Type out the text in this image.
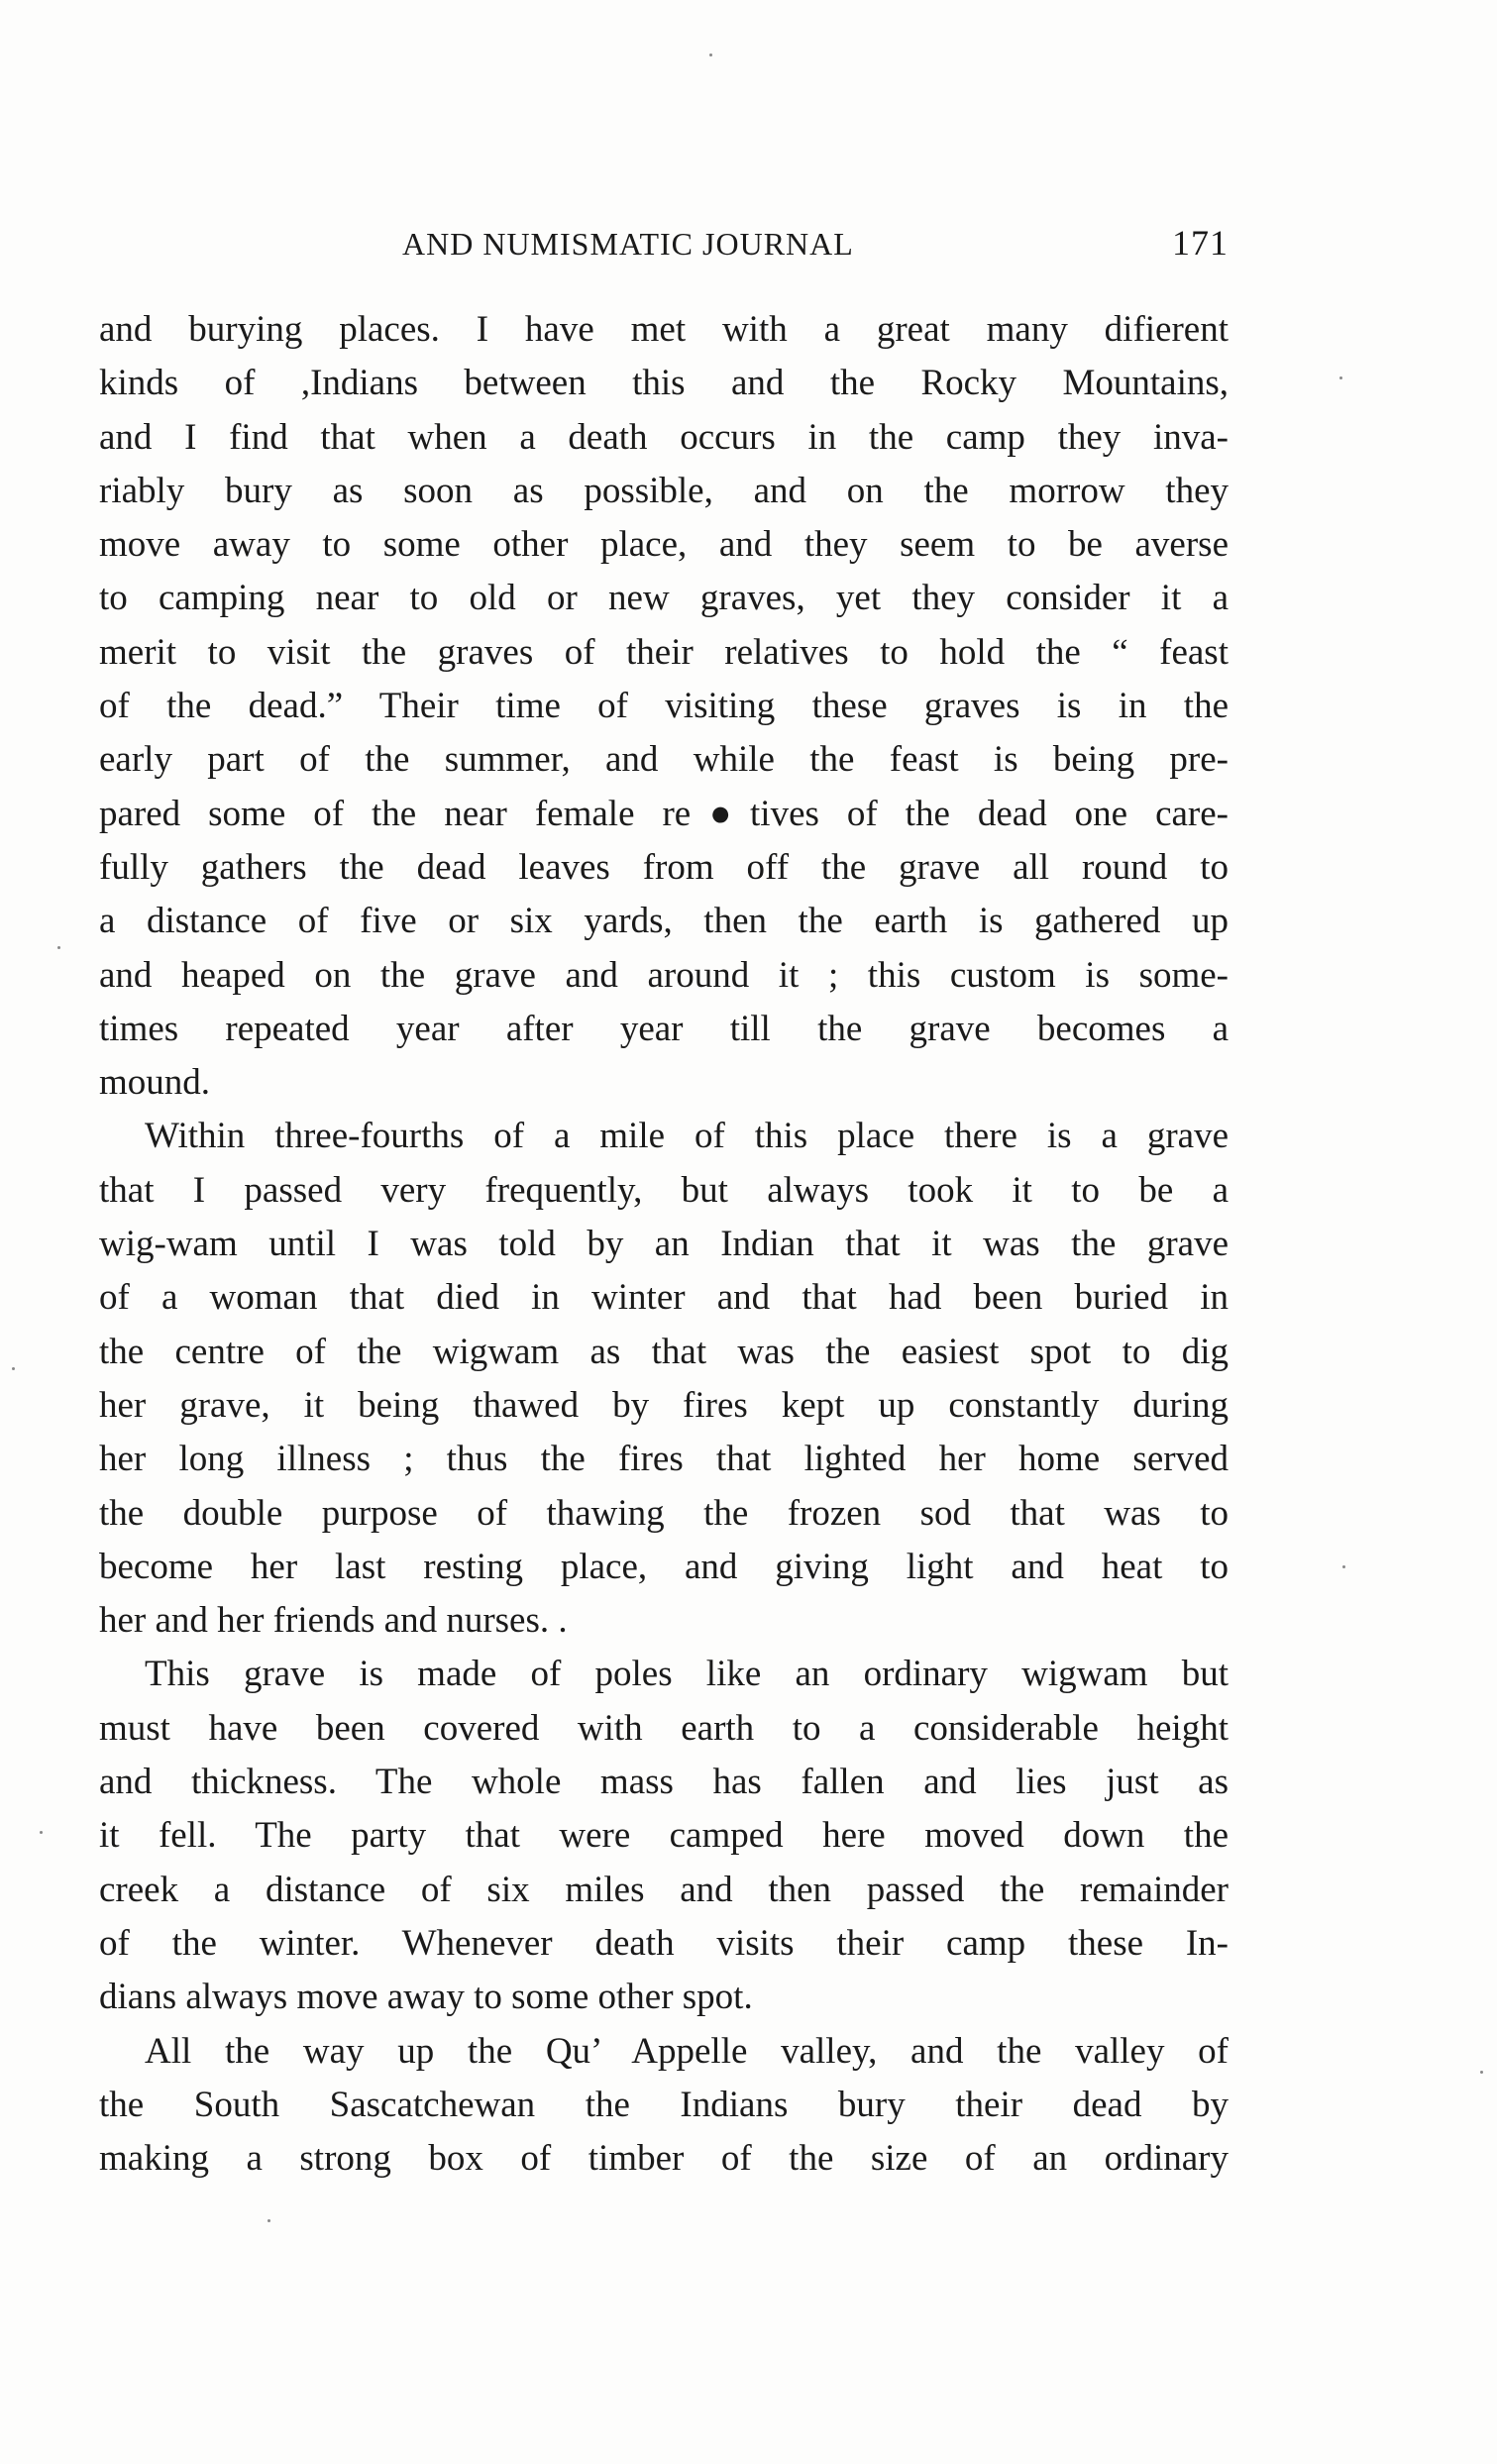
AND NUMISMATIC JOURNAL	171
and burying places. I have met with a great many difierent
kinds of ,Indians between this and the Rocky Mountains,
and I find that when a death occurs in the camp they inva-
riably bury as soon as possible, and on the morrow they
move away to some other place, and they seem to be averse
to camping near to old or new graves, yet they consider it a
merit to visit the graves of their relatives to hold the “ feast
of the dead.” Their time of visiting these graves is in the
early part of the summer, and while the feast is being pre-
pared some of the near female re●tives of the dead one care-
fully gathers the dead leaves from off the grave all round to
a distance of five or six yards, then the earth is gathered up
and heaped on the grave and around it ; this custom is some-
times repeated year after year till the grave becomes a
mound.
Within three-fourths of a mile of this place there is a grave
that I passed very frequently, but always took it to be a
wig-wam until I was told by an Indian that it was the grave
of a woman that died in winter and that had been buried in
the centre of the wigwam as that was the easiest spot to dig
her grave, it being thawed by fires kept up constantly during
her long illness ; thus the fires that lighted her home served
the double purpose of thawing the frozen sod that was to
become her last resting place, and giving light and heat to
her and her friends and nurses. .
This grave is made of poles like an ordinary wigwam but
must have been covered with earth to a considerable height
and thickness. The whole mass has fallen and lies just as
it fell. The party that were camped here moved down the
creek a distance of six miles and then passed the remainder
of the winter. Whenever death visits their camp these In-
dians always move away to some other spot.
All the way up the Qu’ Appelle valley, and the valley of
the South Sascatchewan the Indians bury their dead by
making a strong box of timber of the size of an ordinary
